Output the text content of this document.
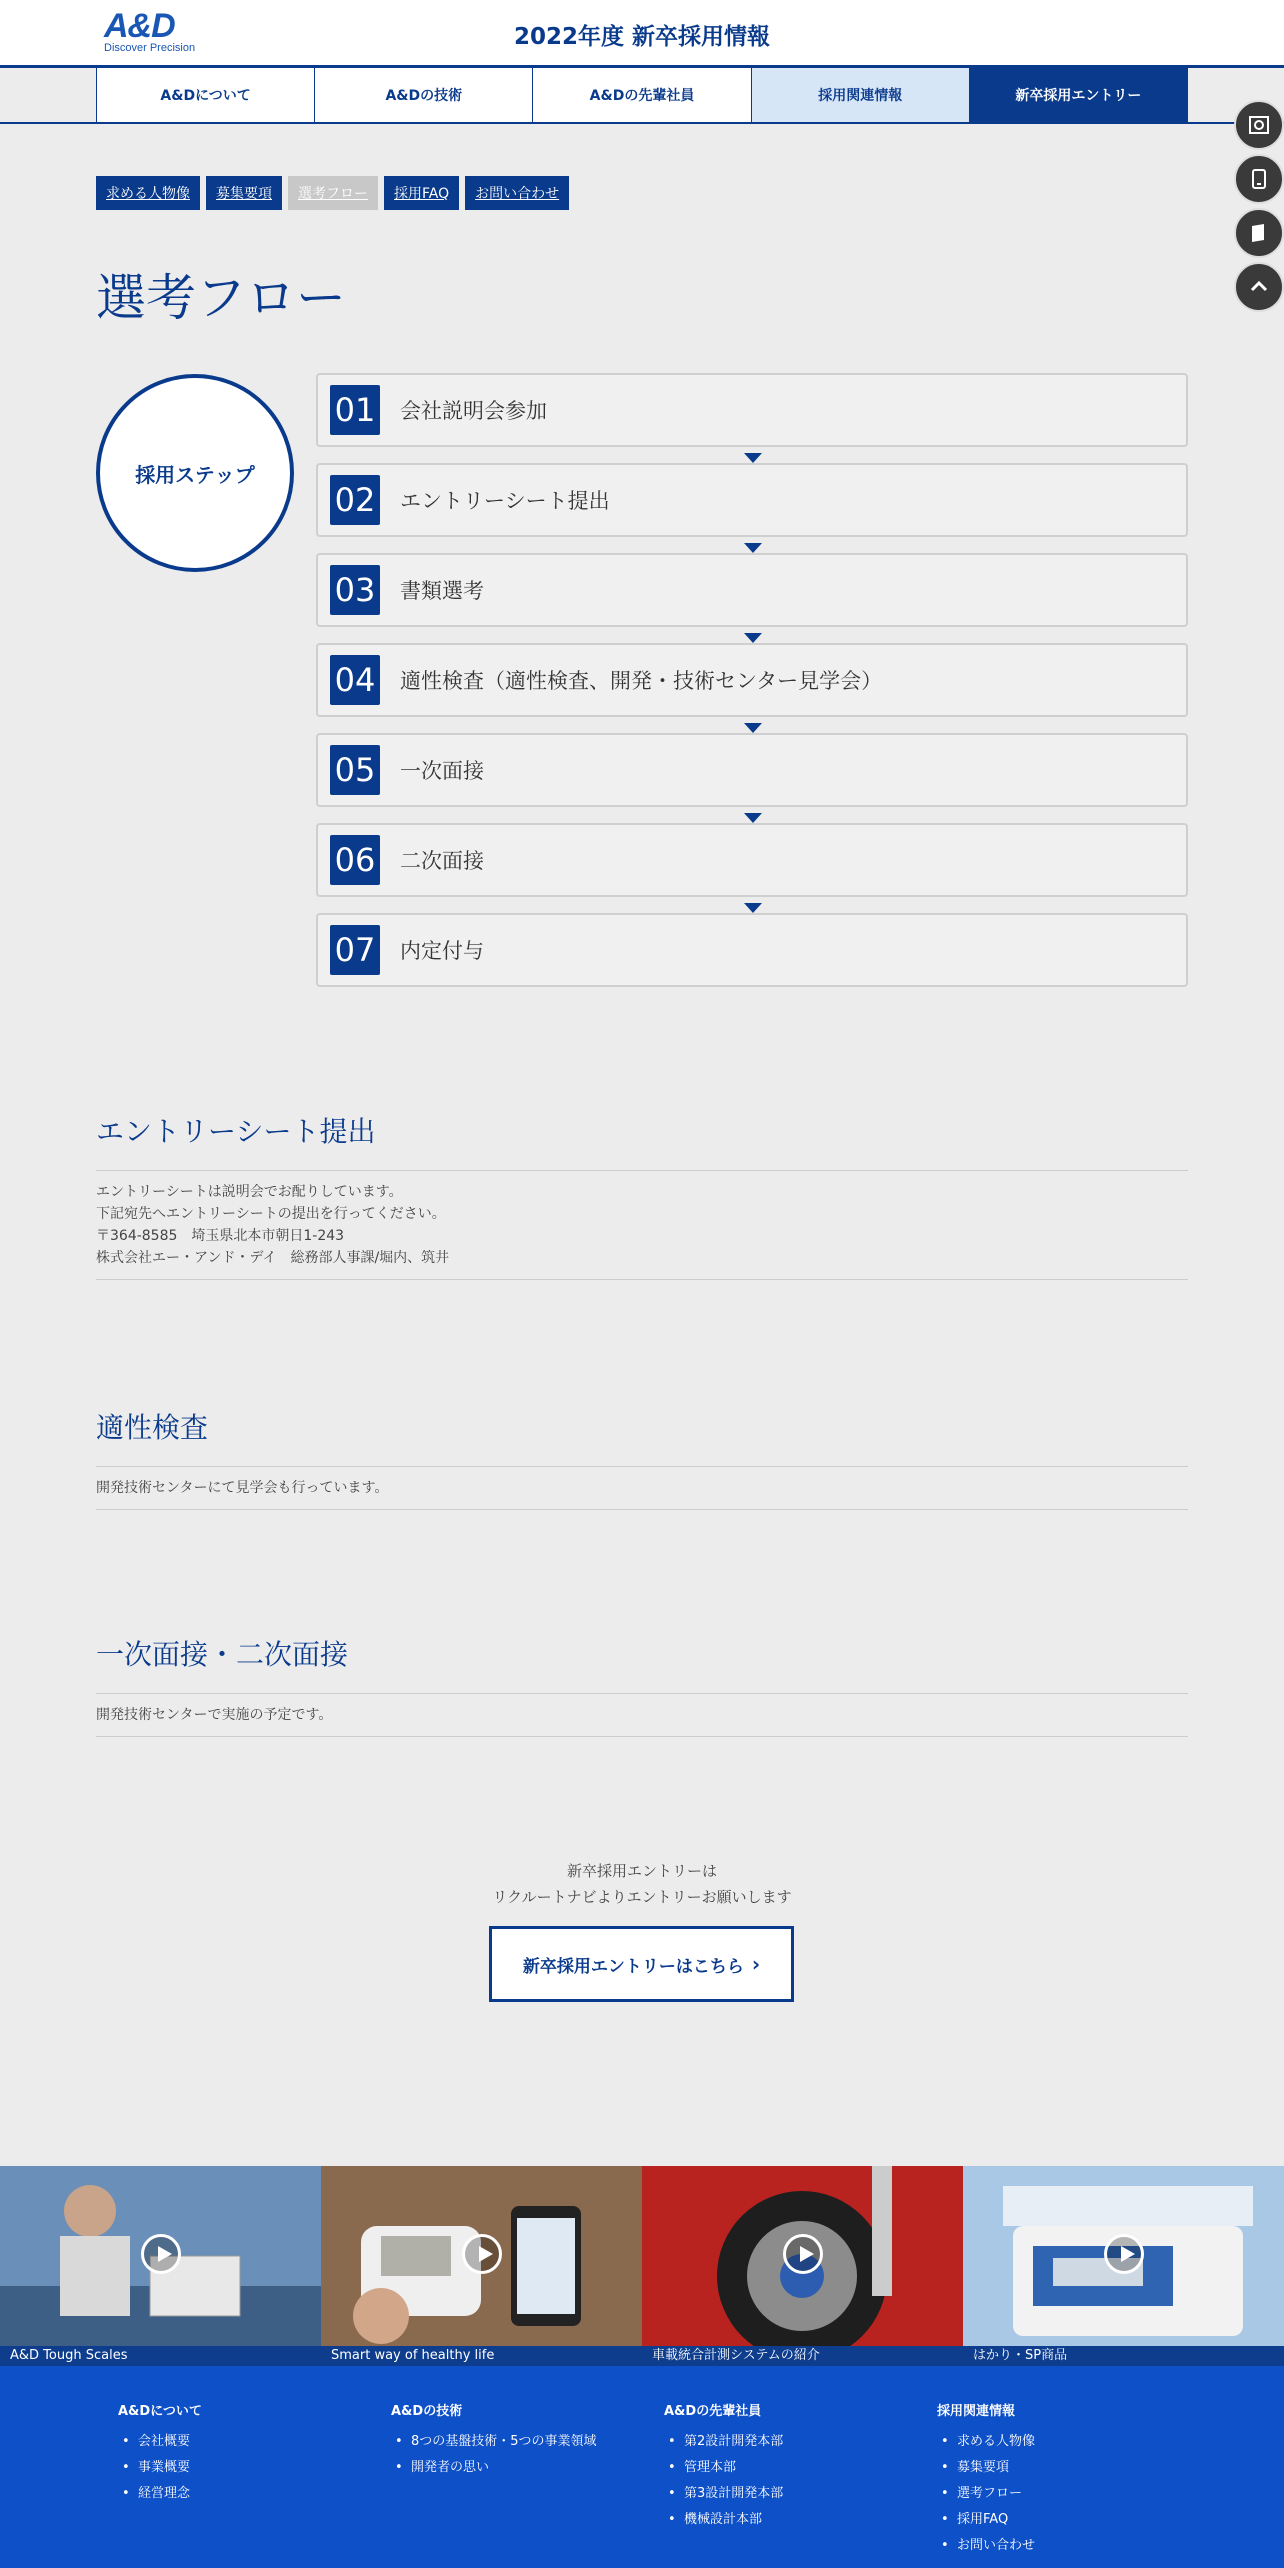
A&D
Discover Precision	2022年度 新卒採用情報
A&Dについて	A&Dの技術	A&Dの先輩社員	採用関連情報	新卒採用エントリー
求める人物像	募集要項	選考フロー	採用FAQ	お問い合わせ
選考フロー
採用ステップ
01 会社説明会参加
02 エントリーシート提出
03 書類選考
04 適性検査（適性検査、開発・技術センター見学会）
05 一次面接
06 二次面接
07 内定付与
エントリーシート提出
エントリーシートは説明会でお配りしています。
下記宛先へエントリーシートの提出を行ってください。
〒364-8585　埼玉県北本市朝日1-243
株式会社エー・アンド・デイ　総務部人事課/堀内、筑井
適性検査
開発技術センターにて見学会も行っています。
一次面接・二次面接
開発技術センターで実施の予定です。
新卒採用エントリーは
リクルートナビよりエントリーお願いします
新卒採用エントリーはこちら ›
A&D Tough Scales	Smart way of healthy life	車載統合計測システムの紹介	はかり・SP商品
A&Dについて
• 会社概要
• 事業概要
• 経営理念
A&Dの技術
• 8つの基盤技術・5つの事業領域
• 開発者の思い
A&Dの先輩社員
• 第2設計開発本部
• 管理本部
• 第3設計開発本部
• 機械設計本部
採用関連情報
• 求める人物像
• 募集要項
• 選考フロー
• 採用FAQ
• お問い合わせ
